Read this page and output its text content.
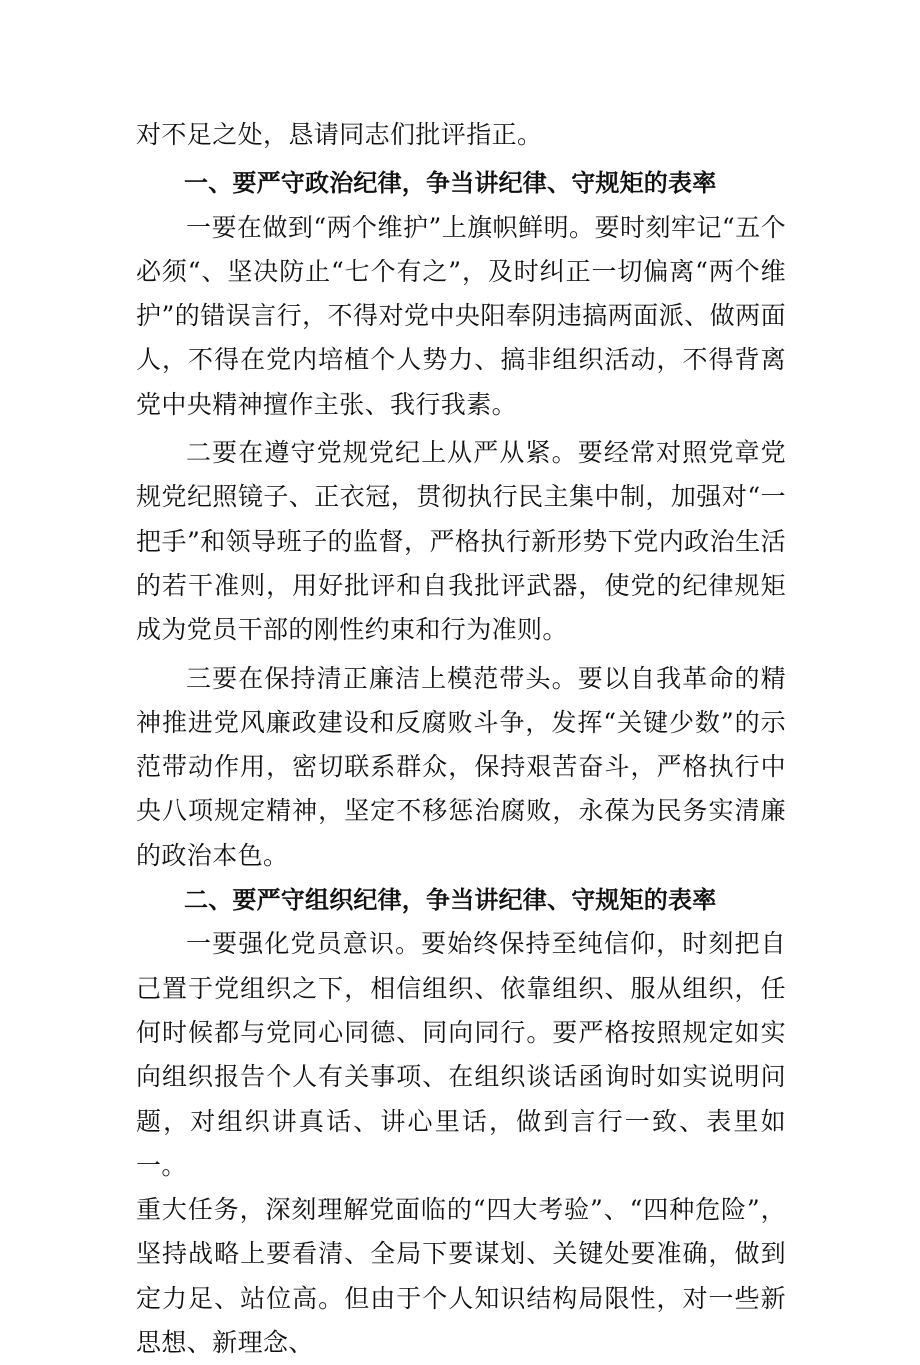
对不足之处，恳请同志们批评指正。

一、要严守政治纪律，争当讲纪律、守规矩的表率

一要在做到“两个维护”上旗帜鲜明。要时刻牢记“五个必须“、坚决防止“七个有之”，及时纠正一切偏离“两个维护”的错误言行，不得对党中央阳奉阴违搞两面派、做两面人，不得在党内培植个人势力、搞非组织活动，不得背离党中央精神擅作主张、我行我素。

二要在遵守党规党纪上从严从紧。要经常对照党章党规党纪照镜子、正衣冠，贯彻执行民主集中制，加强对“一把手”和领导班子的监督，严格执行新形势下党内政治生活的若干准则，用好批评和自我批评武器，使党的纪律规矩成为党员干部的刚性约束和行为准则。

三要在保持清正廉洁上模范带头。要以自我革命的精神推进党风廉政建设和反腐败斗争，发挥“关键少数”的示范带动作用，密切联系群众，保持艰苦奋斗，严格执行中央八项规定精神，坚定不移惩治腐败，永葆为民务实清廉的政治本色。

二、要严守组织纪律，争当讲纪律、守规矩的表率

一要强化党员意识。要始终保持至纯信仰，时刻把自己置于党组织之下，相信组织、依靠组织、服从组织，任何时候都与党同心同德、同向同行。要严格按照规定如实向组织报告个人有关事项、在组织谈话函询时如实说明问题，对组织讲真话、讲心里话，做到言行一致、表里如一。

重大任务，深刻理解党面临的“四大考验”、“四种危险”，坚持战略上要看清、全局下要谋划、关键处要准确，做到定力足、站位高。但由于个人知识结构局限性，对一些新思想、新理念、
